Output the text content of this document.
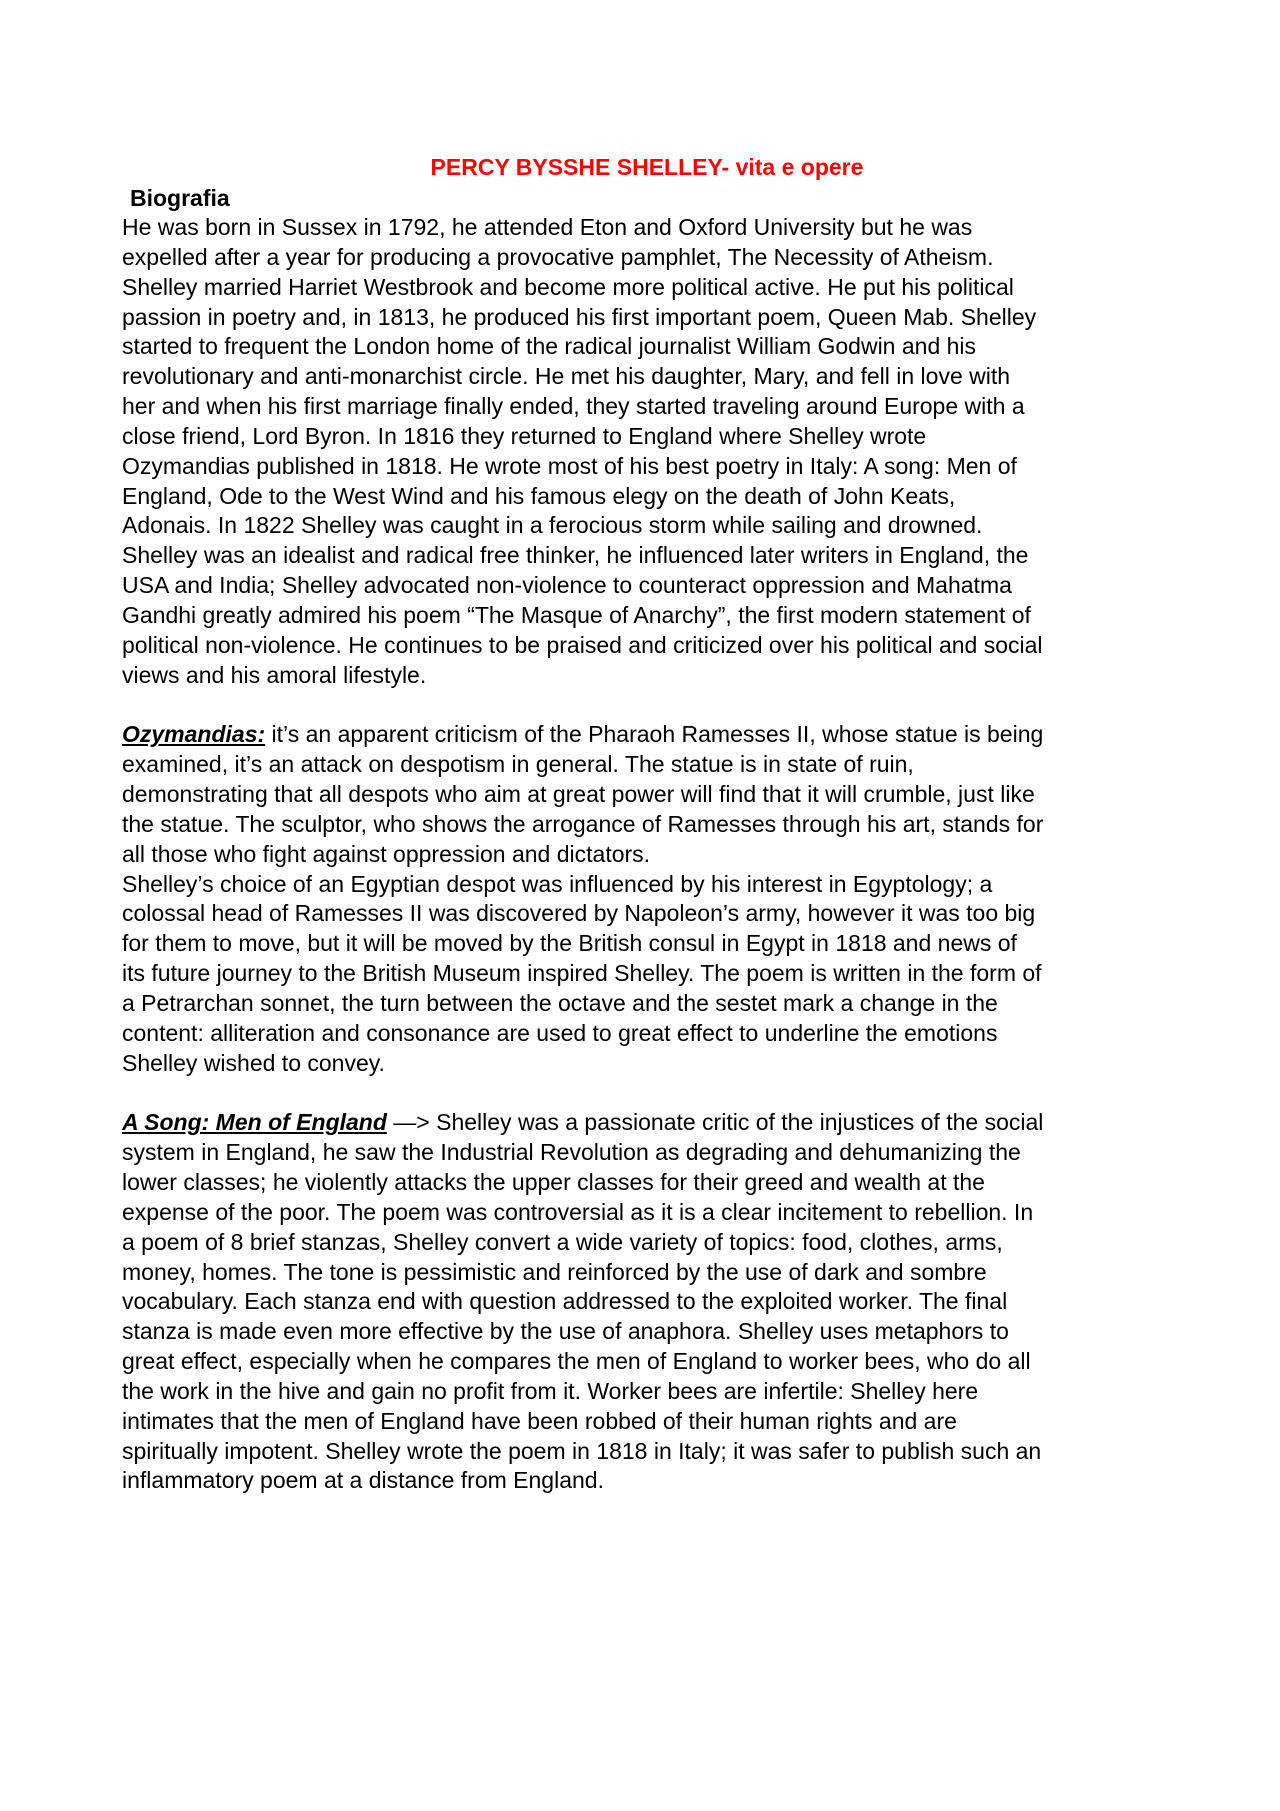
PERCY BYSSHE SHELLEY- vita e opere

Biografia

He was born in Sussex in 1792, he attended Eton and Oxford University but he was
expelled after a year for producing a provocative pamphlet, The Necessity of Atheism.
Shelley married Harriet Westbrook and become more political active. He put his political
passion in poetry and, in 1813, he produced his first important poem, Queen Mab. Shelley
started to frequent the London home of the radical journalist William Godwin and his
revolutionary and anti-monarchist circle. He met his daughter, Mary, and fell in love with
her and when his first marriage finally ended, they started traveling around Europe with a
close friend, Lord Byron. In 1816 they returned to England where Shelley wrote
Ozymandias published in 1818. He wrote most of his best poetry in Italy: A song: Men of
England, Ode to the West Wind and his famous elegy on the death of John Keats,
Adonais. In 1822 Shelley was caught in a ferocious storm while sailing and drowned.
Shelley was an idealist and radical free thinker, he influenced later writers in England, the
USA and India; Shelley advocated non-violence to counteract oppression and Mahatma
Gandhi greatly admired his poem “The Masque of Anarchy”, the first modern statement of
political non-violence. He continues to be praised and criticized over his political and social
views and his amoral lifestyle.

Ozymandias: it’s an apparent criticism of the Pharaoh Ramesses II, whose statue is being
examined, it’s an attack on despotism in general. The statue is in state of ruin,
demonstrating that all despots who aim at great power will find that it will crumble, just like
the statue. The sculptor, who shows the arrogance of Ramesses through his art, stands for
all those who fight against oppression and dictators.
Shelley’s choice of an Egyptian despot was influenced by his interest in Egyptology; a
colossal head of Ramesses II was discovered by Napoleon’s army, however it was too big
for them to move, but it will be moved by the British consul in Egypt in 1818 and news of
its future journey to the British Museum inspired Shelley. The poem is written in the form of
a Petrarchan sonnet, the turn between the octave and the sestet mark a change in the
content: alliteration and consonance are used to great effect to underline the emotions
Shelley wished to convey.

A Song: Men of England —> Shelley was a passionate critic of the injustices of the social
system in England, he saw the Industrial Revolution as degrading and dehumanizing the
lower classes; he violently attacks the upper classes for their greed and wealth at the
expense of the poor. The poem was controversial as it is a clear incitement to rebellion. In
a poem of 8 brief stanzas, Shelley convert a wide variety of topics: food, clothes, arms,
money, homes. The tone is pessimistic and reinforced by the use of dark and sombre
vocabulary. Each stanza end with question addressed to the exploited worker. The final
stanza is made even more effective by the use of anaphora. Shelley uses metaphors to
great effect, especially when he compares the men of England to worker bees, who do all
the work in the hive and gain no profit from it. Worker bees are infertile: Shelley here
intimates that the men of England have been robbed of their human rights and are
spiritually impotent. Shelley wrote the poem in 1818 in Italy; it was safer to publish such an
inflammatory poem at a distance from England.
